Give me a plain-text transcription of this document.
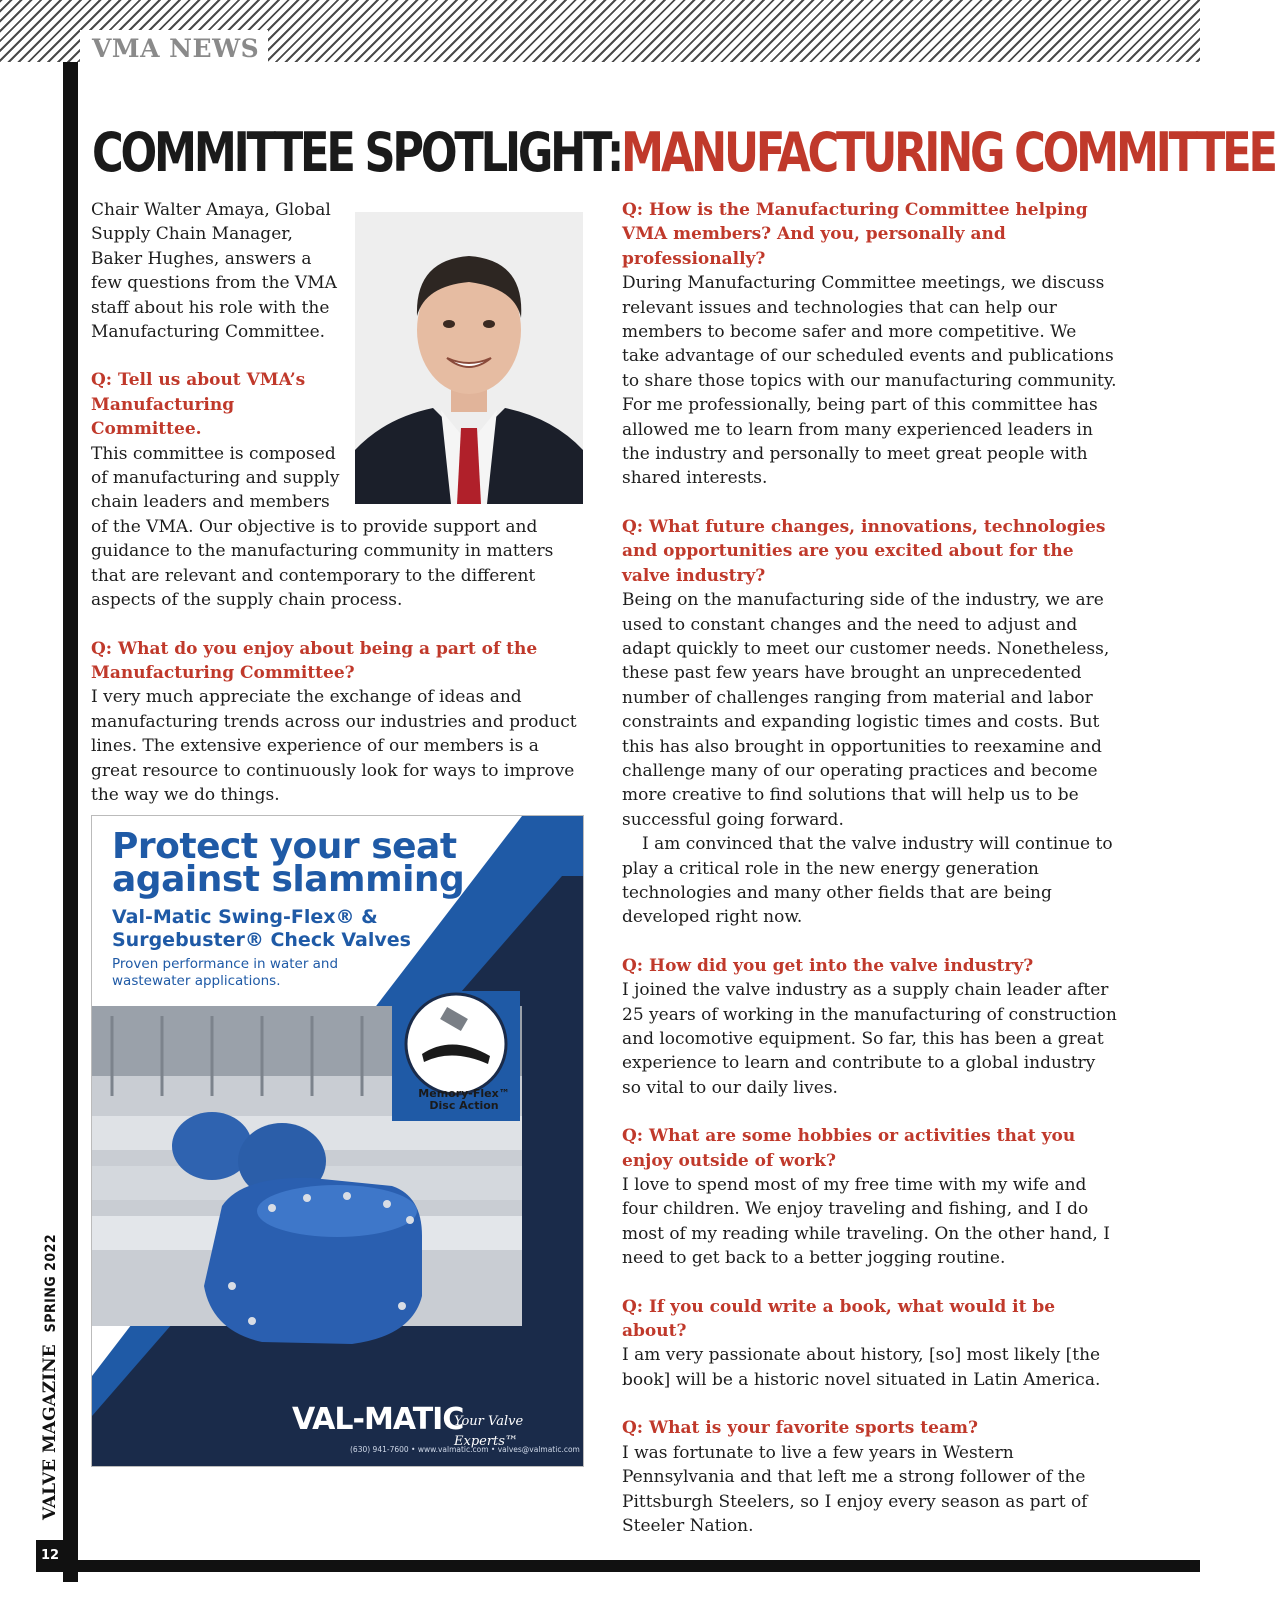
VMA NEWS
COMMITTEE SPOTLIGHT:MANUFACTURING COMMITTEE

Chair Walter Amaya, Global Supply Chain Manager, Baker Hughes, answers a few questions from the VMA staff about his role with the Manufacturing Committee.

Q: Tell us about VMA’s Manufacturing Committee.

This committee is composed of manufacturing and supply chain leaders and members of the VMA. Our objective is to provide support and guidance to the manufacturing community in matters that are relevant and contemporary to the different aspects of the supply chain process.

Q: What do you enjoy about being a part of the Manufacturing Committee?

I very much appreciate the exchange of ideas and manufacturing trends across our industries and product lines. The extensive experience of our members is a great resource to continuously look for ways to improve the way we do things.

Protect your seat against slamming
Val-Matic Swing-Flex® & Surgebuster® Check Valves
Proven performance in water and wastewater applications.
Memory-Flex™ Disc Action
VAL-MATIC
Your Valve Experts™
(630) 941-7600 • www.valmatic.com • valves@valmatic.com

Q: How is the Manufacturing Committee helping VMA members? And you, personally and professionally?

During Manufacturing Committee meetings, we discuss relevant issues and technologies that can help our members to become safer and more competitive. We take advantage of our scheduled events and publications to share those topics with our manufacturing community. For me professionally, being part of this committee has allowed me to learn from many experienced leaders in the industry and personally to meet great people with shared interests.

Q: What future changes, innovations, technologies and opportunities are you excited about for the valve industry?

Being on the manufacturing side of the industry, we are used to constant changes and the need to adjust and adapt quickly to meet our customer needs. Nonetheless, these past few years have brought an unprecedented number of challenges ranging from material and labor constraints and expanding logistic times and costs. But this has also brought in opportunities to reexamine and challenge many of our operating practices and become more creative to find solutions that will help us to be successful going forward.

I am convinced that the valve industry will continue to play a critical role in the new energy generation technologies and many other fields that are being developed right now.

Q: How did you get into the valve industry?

I joined the valve industry as a supply chain leader after 25 years of working in the manufacturing of construction and locomotive equipment. So far, this has been a great experience to learn and contribute to a global industry so vital to our daily lives.

Q: What are some hobbies or activities that you enjoy outside of work?

I love to spend most of my free time with my wife and four children. We enjoy traveling and fishing, and I do most of my reading while traveling. On the other hand, I need to get back to a better jogging routine.

Q: If you could write a book, what would it be about?

I am very passionate about history, [so] most likely [the book] will be a historic novel situated in Latin America.

Q: What is your favorite sports team?

I was fortunate to live a few years in Western Pennsylvania and that left me a strong follower of the Pittsburgh Steelers, so I enjoy every season as part of Steeler Nation.

VALVE MAGAZINESPRING 2022
12
